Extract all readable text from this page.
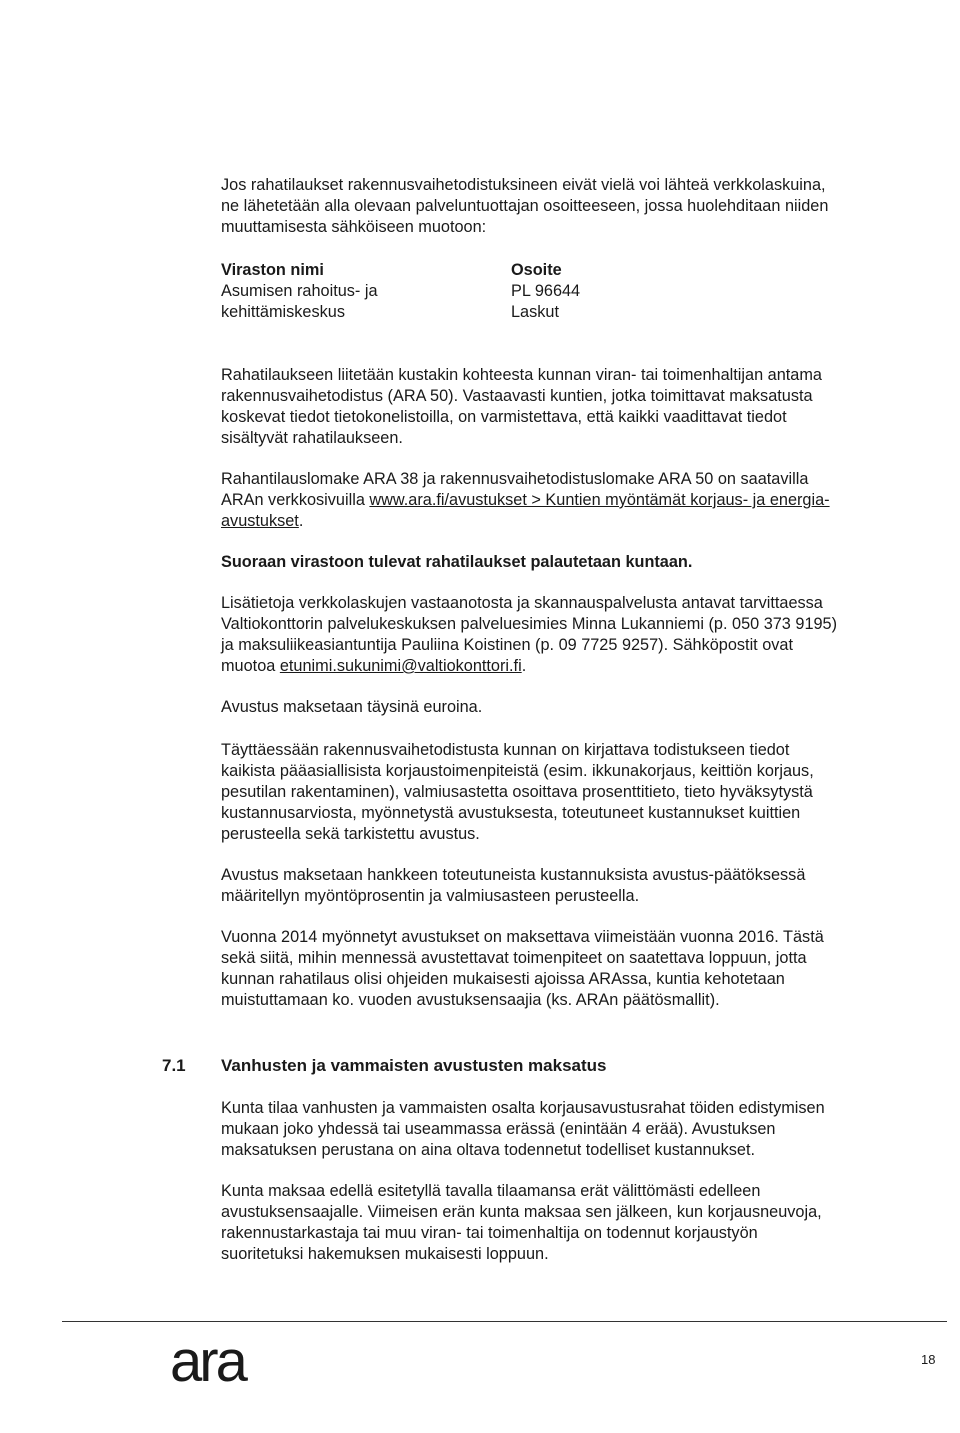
Jos rahatilaukset rakennusvaihetodistuksineen eivät vielä voi lähteä verkkolaskuina, ne lähetetään alla olevaan palveluntuottajan osoitteeseen, jossa huolehditaan niiden muuttamisesta sähköiseen muotoon:

Viraston nimi
Asumisen rahoitus- ja
kehittämiskeskus
Osoite
PL 96644
Laskut

Rahatilaukseen liitetään kustakin kohteesta kunnan viran- tai toimenhaltijan antama rakennusvaihetodistus (ARA 50). Vastaavasti kuntien, jotka toimittavat maksatusta koskevat tiedot tietokonelistoilla, on varmistettava, että kaikki vaadittavat tiedot sisältyvät rahatilaukseen.

Rahantilauslomake ARA 38 ja rakennusvaihetodistuslomake ARA 50 on saatavilla ARAn verkkosivuilla www.ara.fi/avustukset > Kuntien myöntämät korjaus- ja energia-avustukset.

Suoraan virastoon tulevat rahatilaukset palautetaan kuntaan.

Lisätietoja verkkolaskujen vastaanotosta ja skannauspalvelusta antavat tarvittaessa Valtiokonttorin palvelukeskuksen palveluesimies Minna Lukanniemi (p. 050 373 9195) ja maksuliikeasiantuntija Pauliina Koistinen (p. 09 7725 9257). Sähköpostit ovat muotoa etunimi.sukunimi@valtiokonttori.fi.

Avustus maksetaan täysinä euroina.

Täyttäessään rakennusvaihetodistusta kunnan on kirjattava todistukseen tiedot kaikista pääasiallisista korjaustoimenpiteistä (esim. ikkunakorjaus, keittiön korjaus, pesutilan rakentaminen), valmiusastetta osoittava prosenttitieto, tieto hyväksytystä kustannusarviosta, myönnetystä avustuksesta, toteutuneet kustannukset kuittien perusteella sekä tarkistettu avustus.

Avustus maksetaan hankkeen toteutuneista kustannuksista avustus-päätöksessä määritellyn myöntöprosentin ja valmiusasteen perusteella.

Vuonna 2014 myönnetyt avustukset on maksettava viimeistään vuonna 2016. Tästä sekä siitä, mihin mennessä avustettavat toimenpiteet on saatettava loppuun, jotta kunnan rahatilaus olisi ohjeiden mukaisesti ajoissa ARAssa, kuntia kehotetaan muistuttamaan ko. vuoden avustuksensaajia (ks. ARAn päätösmallit).

7.1	Vanhusten ja vammaisten avustusten maksatus

Kunta tilaa vanhusten ja vammaisten osalta korjausavustusrahat töiden edistymisen mukaan joko yhdessä tai useammassa erässä (enintään 4 erää). Avustuksen maksatuksen perustana on aina oltava todennetut todelliset kustannukset.

Kunta maksaa edellä esitetyllä tavalla tilaamansa erät välittömästi edelleen avustuksensaajalle. Viimeisen erän kunta maksaa sen jälkeen, kun korjausneuvoja, rakennustarkastaja tai muu viran- tai toimenhaltija on todennut korjaustyön suoritetuksi hakemuksen mukaisesti loppuun.

ara	18
